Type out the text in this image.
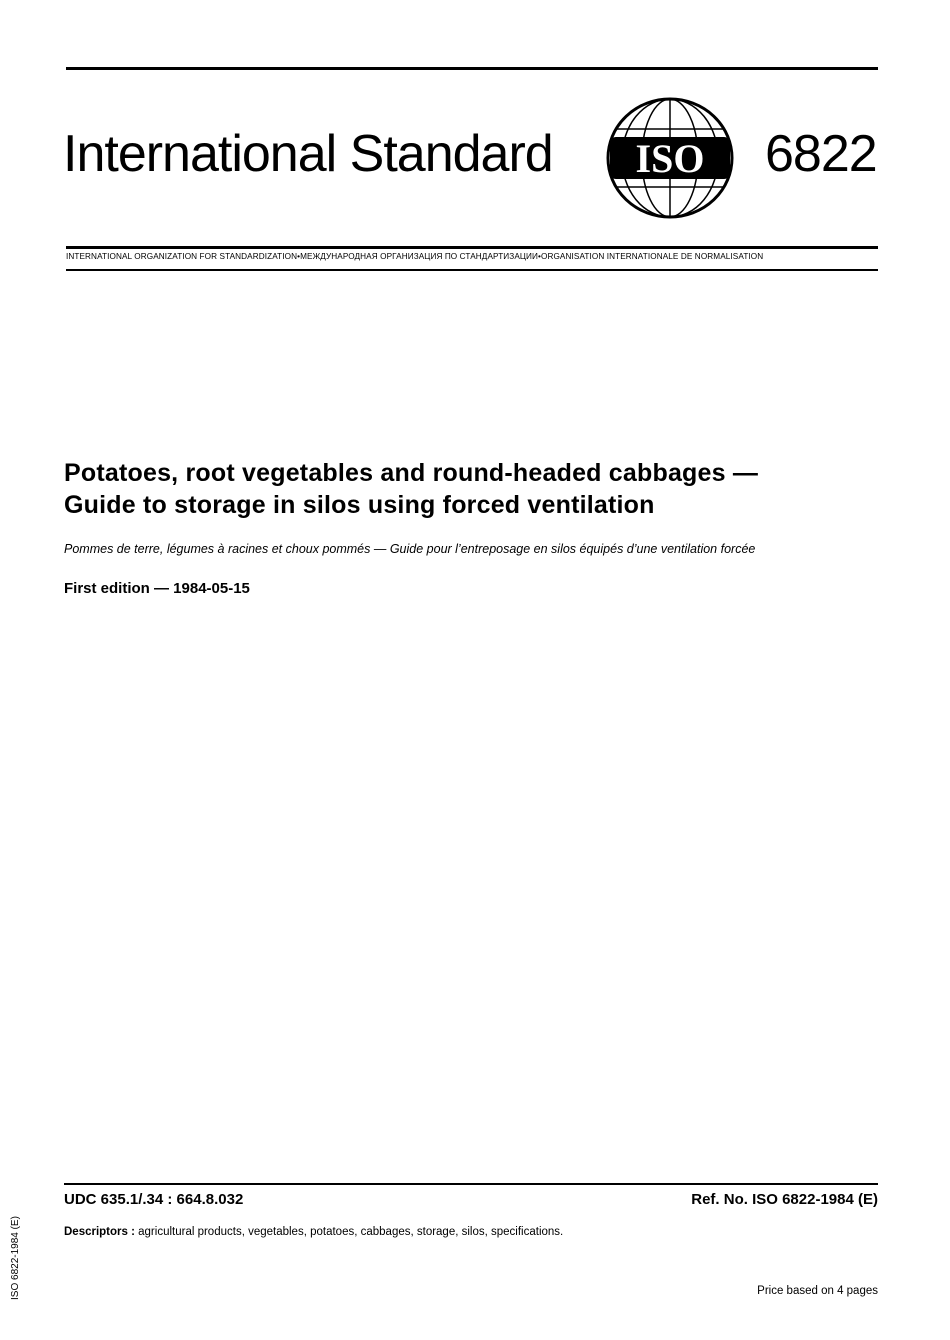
International Standard ISO 6822
INTERNATIONAL ORGANIZATION FOR STANDARDIZATION•МЕЖДУНАРОДНАЯ ОРГАНИЗАЦИЯ ПО СТАНДАРТИЗАЦИИ•ORGANISATION INTERNATIONALE DE NORMALISATION
Potatoes, root vegetables and round-headed cabbages —
Guide to storage in silos using forced ventilation
Pommes de terre, légumes à racines et choux pommés — Guide pour l’entreposage en silos équipés d’une ventilation forcée
First edition — 1984-05-15
UDC 635.1/.34 : 664.8.032	Ref. No. ISO 6822-1984 (E)
Descriptors : agricultural products, vegetables, potatoes, cabbages, storage, silos, specifications.
Price based on 4 pages
ISO 6822-1984 (E)
